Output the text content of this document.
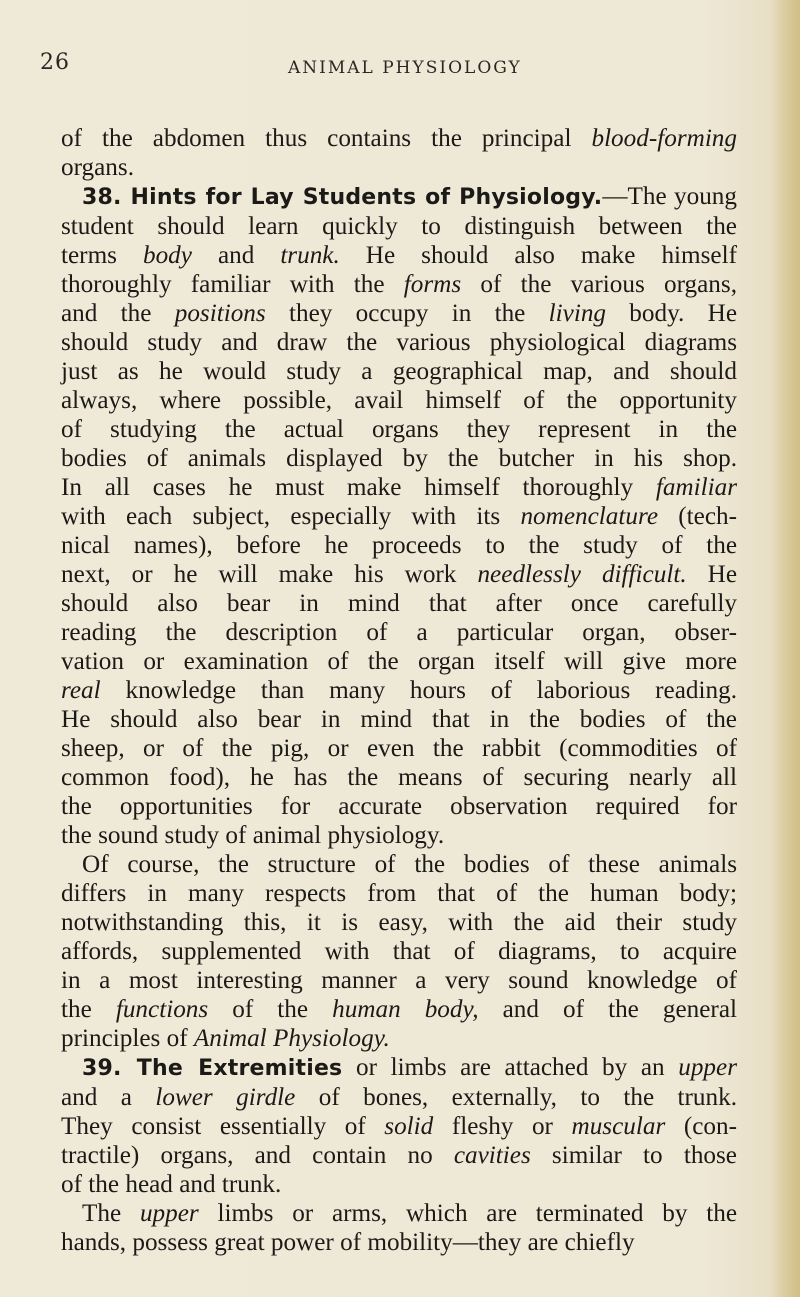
26	ANIMAL PHYSIOLOGY
of the abdomen thus contains the principal blood-forming
organs.
38. Hints for Lay Students of Physiology.—The young
student should learn quickly to distinguish between the
terms body and trunk. He should also make himself
thoroughly familiar with the forms of the various organs,
and the positions they occupy in the living body. He
should study and draw the various physiological diagrams
just as he would study a geographical map, and should
always, where possible, avail himself of the opportunity
of studying the actual organs they represent in the
bodies of animals displayed by the butcher in his shop.
In all cases he must make himself thoroughly familiar
with each subject, especially with its nomenclature (tech-
nical names), before he proceeds to the study of the
next, or he will make his work needlessly difficult. He
should also bear in mind that after once carefully
reading the description of a particular organ, obser-
vation or examination of the organ itself will give more
real knowledge than many hours of laborious reading.
He should also bear in mind that in the bodies of the
sheep, or of the pig, or even the rabbit (commodities of
common food), he has the means of securing nearly all
the opportunities for accurate observation required for
the sound study of animal physiology.
Of course, the structure of the bodies of these animals
differs in many respects from that of the human body;
notwithstanding this, it is easy, with the aid their study
affords, supplemented with that of diagrams, to acquire
in a most interesting manner a very sound knowledge of
the functions of the human body, and of the general
principles of Animal Physiology.
39. The Extremities or limbs are attached by an upper
and a lower girdle of bones, externally, to the trunk.
They consist essentially of solid fleshy or muscular (con-
tractile) organs, and contain no cavities similar to those
of the head and trunk.
The upper limbs or arms, which are terminated by the
hands, possess great power of mobility—they are chiefly
